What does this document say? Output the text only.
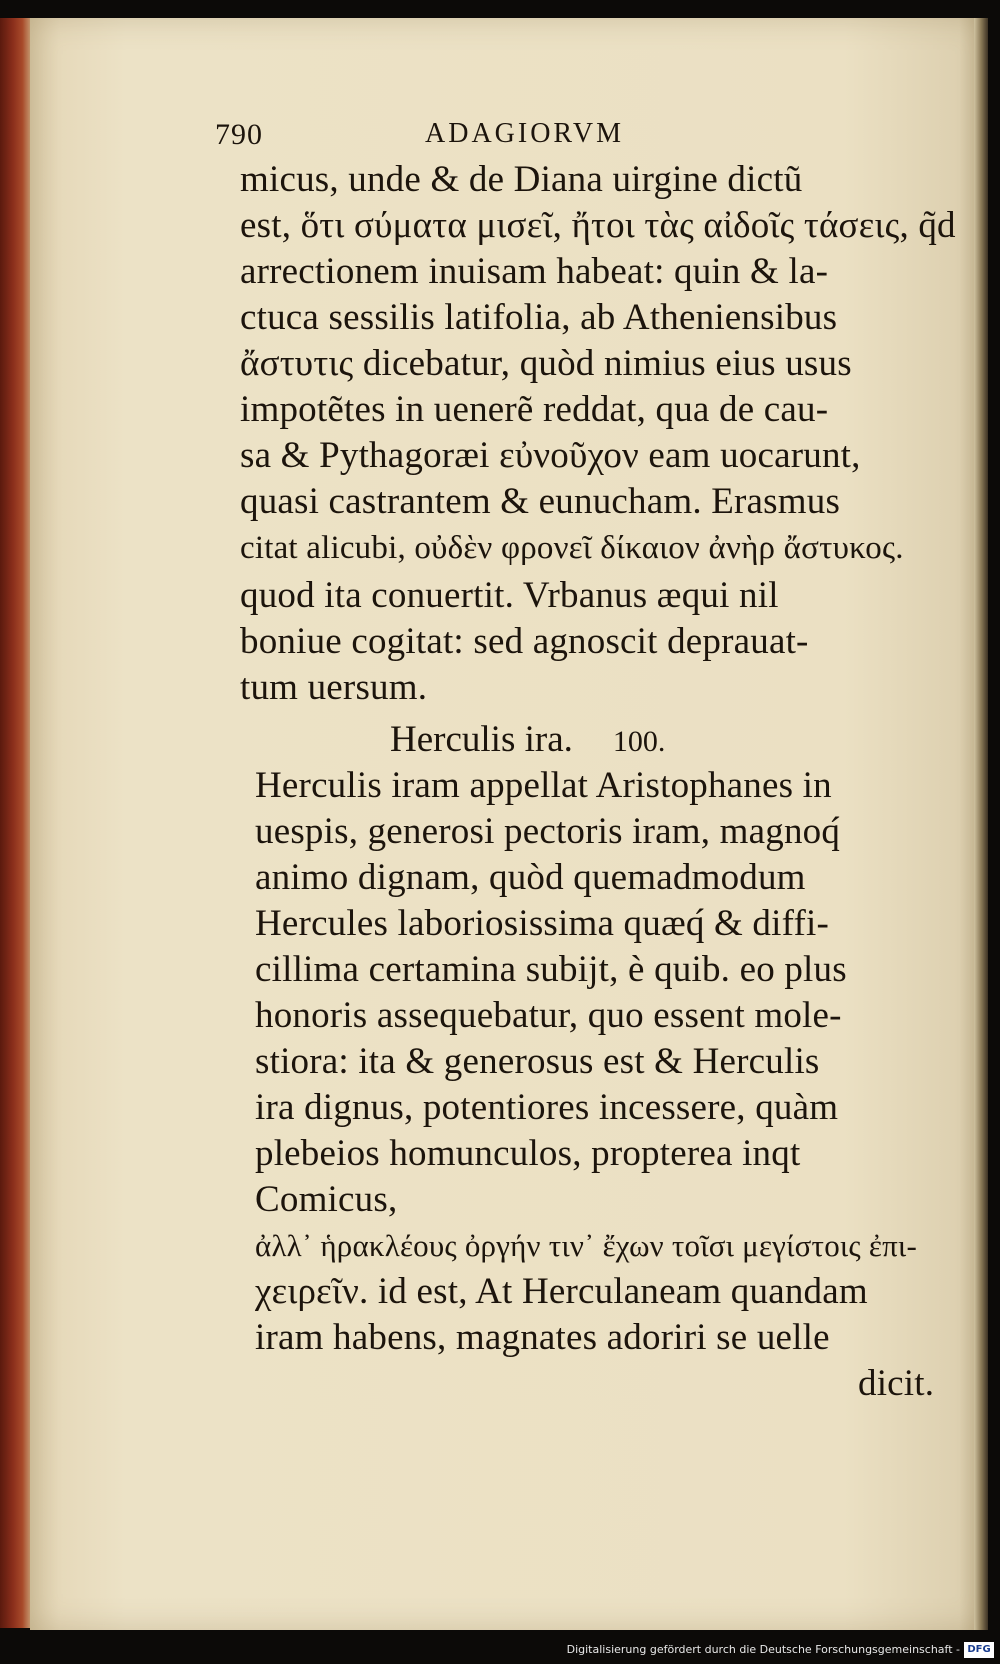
790	ADAGIORVM
micus, unde & de Diana uirgine dictũ
est, ὅτι σύματα μισεῖ, ἤτοι τὰς αἰδοῖς τάσεις, q̃d
arrectionem inuisam habeat: quin & la-
ctuca sessilis latifolia, ab Atheniensibus
ἄστυτις dicebatur, quòd nimius eius usus
impotẽtes in uenerẽ reddat, qua de cau-
sa & Pythagoræi εὐνοῦχον eam uocarunt,
quasi castrantem & eunucham. Erasmus
citat alicubi, οὐδὲν φρονεῖ δίκαιον ἀνὴρ ἄστυκος.
quod ita conuertit. Vrbanus æqui nil
boniue cogitat: sed agnoscit deprauat-
tum uersum.
Herculis ira. 100.
Herculis iram appellat Aristophanes in
uespis, generosi pectoris iram, magnoq́
animo dignam, quòd quemadmodum
Hercules laboriosissima quæq́ & diffi-
cillima certamina subijt, è quib. eo plus
honoris assequebatur, quo essent mole-
stiora: ita & generosus est & Herculis
ira dignus, potentiores incessere, quàm
plebeios homunculos, propterea inqt
Comicus,
ἀλλ᾽ ἡρακλέους ὀργήν τιν᾽ ἔχων τοῖσι μεγίστοις ἐπι-
χειρεῖν. id est, At Herculaneam quandam
iram habens, magnates adoriri se uelle
dicit.
Digitalisierung gefördert durch die Deutsche Forschungsgemeinschaft - DFG
